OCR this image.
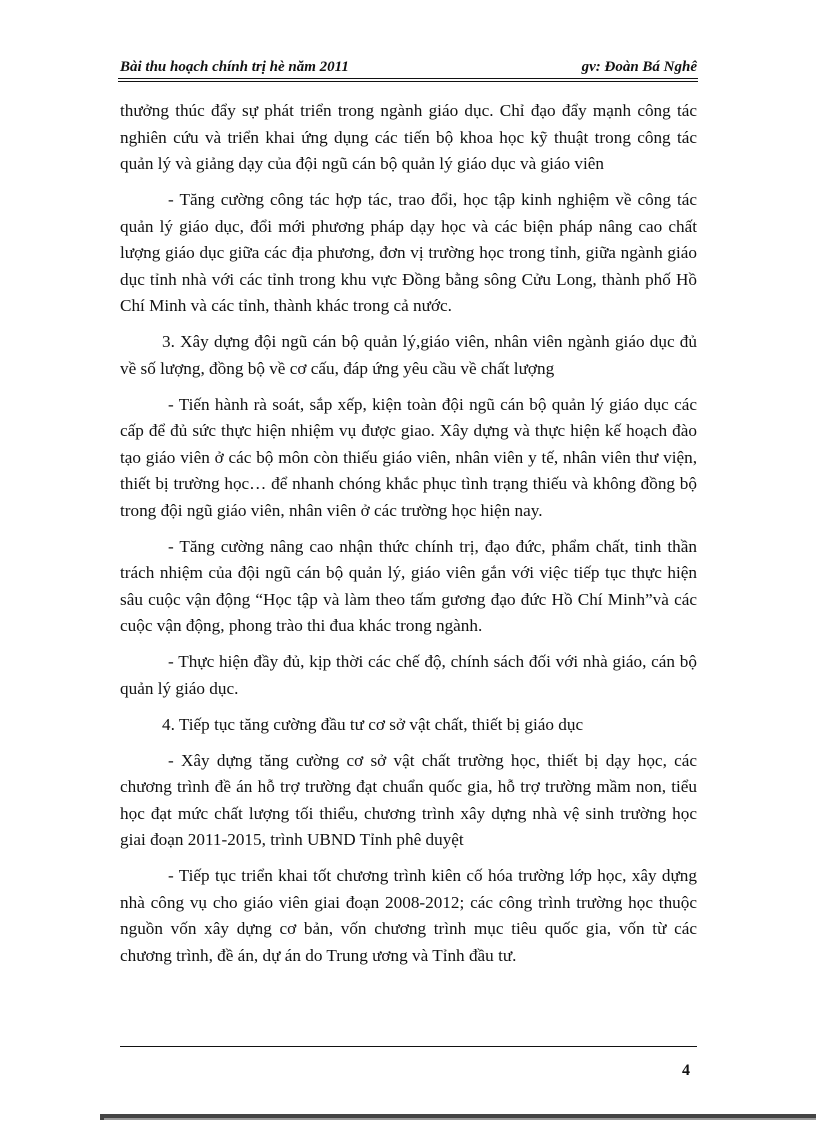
Bài thu hoạch chính trị hè năm 2011	gv: Đoàn Bá Nghê

thưởng thúc đẩy sự phát triển trong ngành giáo dục. Chỉ đạo đẩy mạnh công tác nghiên cứu và triển khai ứng dụng các tiến bộ khoa học kỹ thuật trong công tác quản lý và giảng dạy của đội ngũ cán bộ quản lý giáo dục và giáo viên

- Tăng cường công tác hợp tác, trao đổi, học tập kinh nghiệm về công tác quản lý giáo dục, đổi mới phương pháp dạy học và các biện pháp nâng cao chất lượng giáo dục giữa các địa phương, đơn vị trường học trong tỉnh, giữa ngành giáo dục tỉnh nhà với các tỉnh trong khu vực Đồng bằng sông Cửu Long, thành phố Hồ Chí Minh và các tỉnh, thành khác trong cả nước.

3. Xây dựng đội ngũ cán bộ quản lý,giáo viên, nhân viên ngành giáo dục đủ về số lượng, đồng bộ về cơ cấu, đáp ứng yêu cầu về chất lượng

- Tiến hành rà soát, sắp xếp, kiện toàn đội ngũ cán bộ quản lý giáo dục các cấp để đủ sức thực hiện nhiệm vụ được giao. Xây dựng và thực hiện kế hoạch đào tạo giáo viên ở các bộ môn còn thiếu giáo viên, nhân viên y tế, nhân viên thư viện, thiết bị trường học… để nhanh chóng khắc phục tình trạng thiếu và không đồng bộ trong đội ngũ giáo viên, nhân viên ở các trường học hiện nay.

- Tăng cường nâng cao nhận thức chính trị, đạo đức, phẩm chất, tinh thần trách nhiệm của đội ngũ cán bộ quản lý, giáo viên gắn với việc tiếp tục thực hiện sâu cuộc vận động “Học tập và làm theo tấm gương đạo đức Hồ Chí Minh”và các cuộc vận động, phong trào thi đua khác trong ngành.

- Thực hiện đầy đủ, kịp thời các chế độ, chính sách đối với nhà giáo, cán bộ quản lý giáo dục.

4. Tiếp tục tăng cường đầu tư cơ sở vật chất, thiết bị giáo dục

- Xây dựng tăng cường cơ sở vật chất trường học, thiết bị dạy học, các chương trình đề án hỗ trợ trường đạt chuẩn quốc gia, hỗ trợ trường mầm non, tiểu học đạt mức chất lượng tối thiểu, chương trình xây dựng nhà vệ sinh trường học giai đoạn 2011-2015, trình UBND Tỉnh phê duyệt

- Tiếp tục triển khai tốt chương trình kiên cố hóa trường lớp học, xây dựng nhà công vụ cho giáo viên giai đoạn 2008-2012; các công trình trường học thuộc nguồn vốn xây dựng cơ bản, vốn chương trình mục tiêu quốc gia, vốn từ các chương trình, đề án, dự án do Trung ương và Tỉnh đầu tư.

4
